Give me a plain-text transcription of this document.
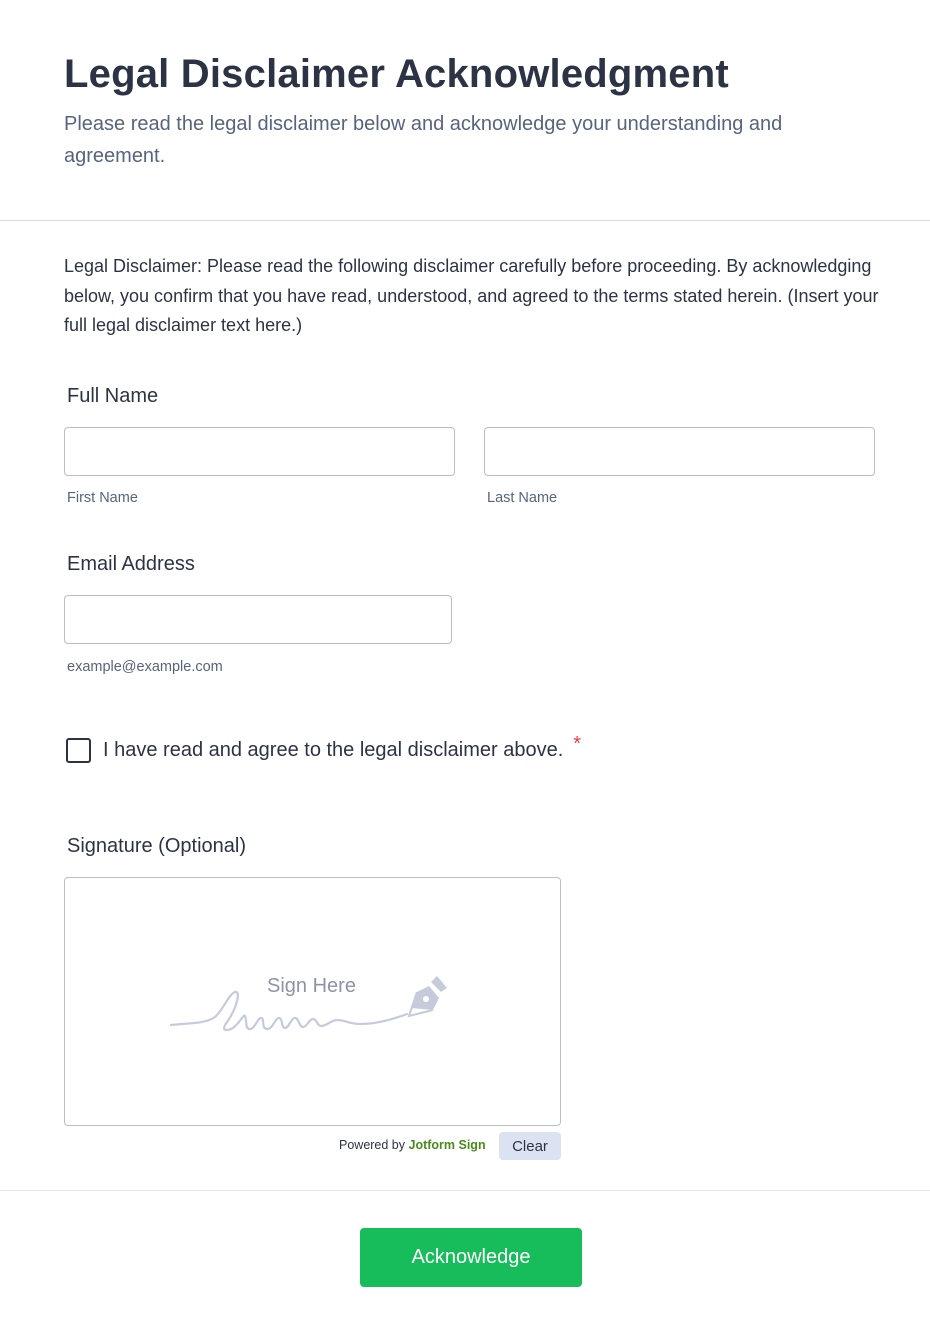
Legal Disclaimer Acknowledgment

Please read the legal disclaimer below and acknowledge your understanding and agreement.

Legal Disclaimer: Please read the following disclaimer carefully before proceeding. By acknowledging below, you confirm that you have read, understood, and agreed to the terms stated herein. (Insert your full legal disclaimer text here.)

Full Name
First Name	Last Name
Email Address
example@example.com
I have read and agree to the legal disclaimer above. *
Signature (Optional)
Sign Here
Powered by Jotform Sign	Clear
Acknowledge
